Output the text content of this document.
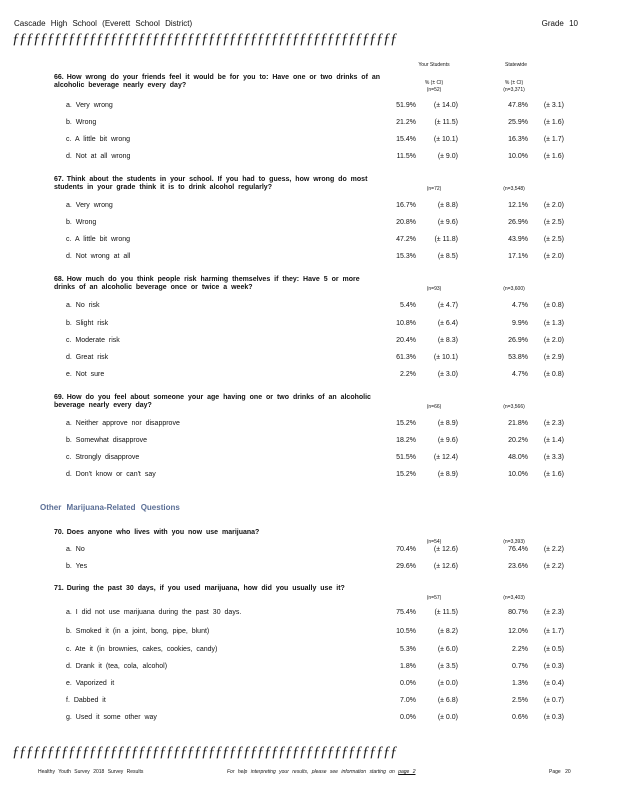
Cascade High School (Everett School District)	Grade 10
ƒƒƒƒƒƒƒƒƒƒƒƒƒƒƒƒƒƒƒƒƒƒƒƒƒƒƒƒƒƒƒƒƒƒƒƒƒƒƒƒƒƒƒƒƒƒƒƒƒƒƒƒƒƒƒ
Your Students	Statewide
66. How wrong do your friends feel it would be for you to: Have one or two drinks of an alcoholic beverage nearly every day?	% (± CI)	% (± CI)
(n=52)	(n=3,371)
a. Very wrong	51.9%	(± 14.0)	47.8%	(± 3.1)
b. Wrong	21.2%	(± 11.5)	25.9%	(± 1.6)
c. A little bit wrong	15.4%	(± 10.1)	16.3%	(± 1.7)
d. Not at all wrong	11.5%	(± 9.0)	10.0%	(± 1.6)
67. Think about the students in your school. If you had to guess, how wrong do most students in your grade think it is to drink alcohol regularly?	(n=72)	(n=3,548)
a. Very wrong	16.7%	(± 8.8)	12.1%	(± 2.0)
b. Wrong	20.8%	(± 9.6)	26.9%	(± 2.5)
c. A little bit wrong	47.2%	(± 11.8)	43.9%	(± 2.5)
d. Not wrong at all	15.3%	(± 8.5)	17.1%	(± 2.0)
68. How much do you think people risk harming themselves if they: Have 5 or more drinks of an alcoholic beverage once or twice a week?	(n=93)	(n=3,600)
a. No risk	5.4%	(± 4.7)	4.7%	(± 0.8)
b. Slight risk	10.8%	(± 6.4)	9.9%	(± 1.3)
c. Moderate risk	20.4%	(± 8.3)	26.9%	(± 2.0)
d. Great risk	61.3%	(± 10.1)	53.8%	(± 2.9)
e. Not sure	2.2%	(± 3.0)	4.7%	(± 0.8)
69. How do you feel about someone your age having one or two drinks of an alcoholic beverage nearly every day?	(n=66)	(n=3,566)
a. Neither approve nor disapprove	15.2%	(± 8.9)	21.8%	(± 2.3)
b. Somewhat disapprove	18.2%	(± 9.6)	20.2%	(± 1.4)
c. Strongly disapprove	51.5%	(± 12.4)	48.0%	(± 3.3)
d. Don't know or can't say	15.2%	(± 8.9)	10.0%	(± 1.6)
70. Does anyone who lives with you now use marijuana?
(n=54)	(n=3,393)
a. No	70.4%	(± 12.6)	76.4%	(± 2.2)
b. Yes	29.6%	(± 12.6)	23.6%	(± 2.2)
71. During the past 30 days, if you used marijuana, how did you usually use it?
(n=57)	(n=3,403)
a. I did not use marijuana during the past 30 days.	75.4%	(± 11.5)	80.7%	(± 2.3)
b. Smoked it (in a joint, bong, pipe, blunt)	10.5%	(± 8.2)	12.0%	(± 1.7)
c. Ate it (in brownies, cakes, cookies, candy)	5.3%	(± 6.0)	2.2%	(± 0.5)
d. Drank it (tea, cola, alcohol)	1.8%	(± 3.5)	0.7%	(± 0.3)
e. Vaporized it	0.0%	(± 0.0)	1.3%	(± 0.4)
f. Dabbed it	7.0%	(± 6.8)	2.5%	(± 0.7)
g. Used it some other way	0.0%	(± 0.0)	0.6%	(± 0.3)
Other Marijuana-Related Questions
ƒƒƒƒƒƒƒƒƒƒƒƒƒƒƒƒƒƒƒƒƒƒƒƒƒƒƒƒƒƒƒƒƒƒƒƒƒƒƒƒƒƒƒƒƒƒƒƒƒƒƒƒƒƒƒ
Healthy Youth Survey 2018 Survey Results	For help interpreting your results, please see information starting on page 2	Page 20
